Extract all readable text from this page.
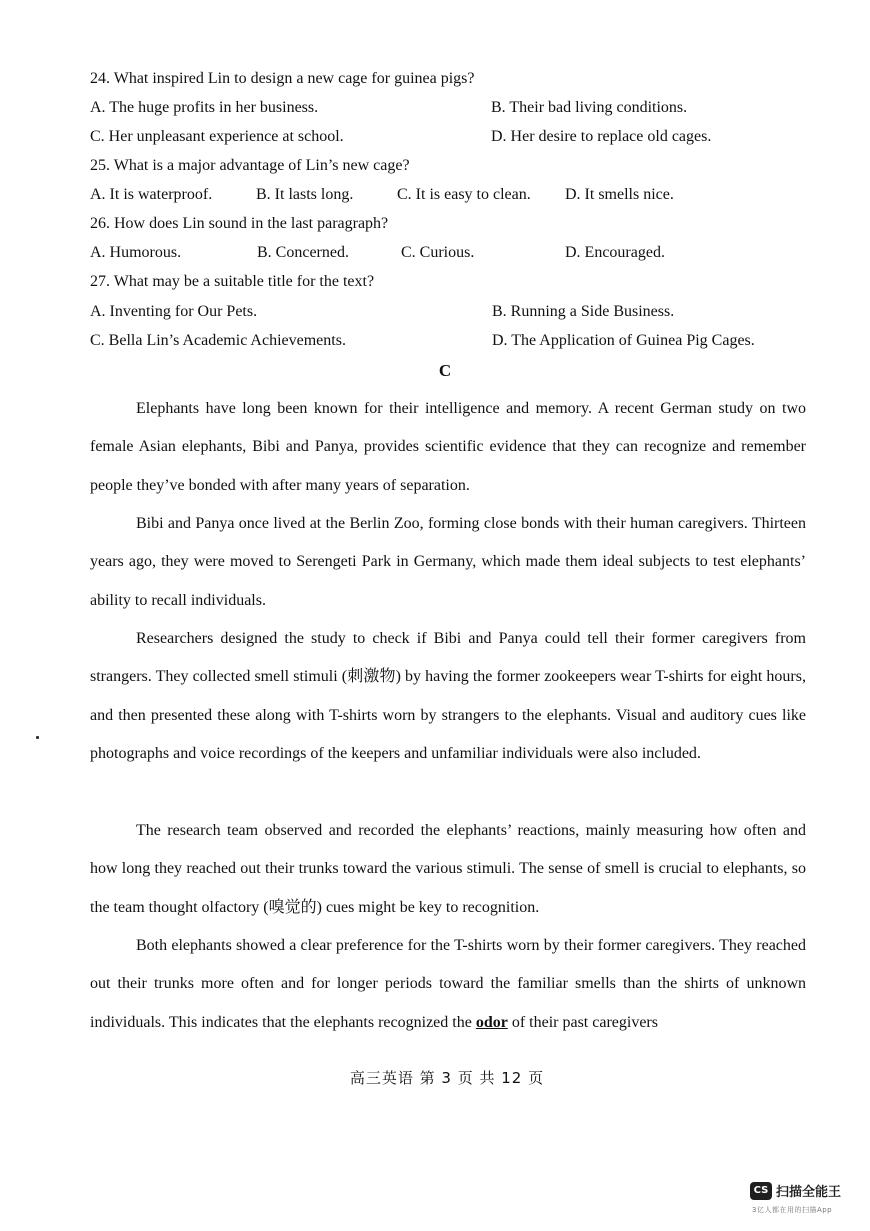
24. What inspired Lin to design a new cage for guinea pigs?
A. The huge profits in her business.	B. Their bad living conditions.
C. Her unpleasant experience at school.	D. Her desire to replace old cages.
25. What is a major advantage of Lin’s new cage?
A. It is waterproof.	B. It lasts long.	C. It is easy to clean. D. It smells nice.
26. How does Lin sound in the last paragraph?
A. Humorous.	B. Concerned.	C. Curious.	D. Encouraged.
27. What may be a suitable title for the text?
A. Inventing for Our Pets.	B. Running a Side Business.
C. Bella Lin’s Academic Achievements.	D. The Application of Guinea Pig Cages.
C

Elephants have long been known for their intelligence and memory. A recent German study on two female Asian elephants, Bibi and Panya, provides scientific evidence that they can recognize and remember people they’ve bonded with after many years of separation.

Bibi and Panya once lived at the Berlin Zoo, forming close bonds with their human caregivers. Thirteen years ago, they were moved to Serengeti Park in Germany, which made them ideal subjects to test elephants’ ability to recall individuals.

Researchers designed the study to check if Bibi and Panya could tell their former caregivers from strangers. They collected smell stimuli (刺激物) by having the former zookeepers wear T-shirts for eight hours, and then presented these along with T-shirts worn by strangers to the elephants. Visual and auditory cues like photographs and voice recordings of the keepers and unfamiliar individuals were also included.

The research team observed and recorded the elephants’ reactions, mainly measuring how often and how long they reached out their trunks toward the various stimuli. The sense of smell is crucial to elephants, so the team thought olfactory (嗅觉的) cues might be key to recognition.

Both elephants showed a clear preference for the T-shirts worn by their former caregivers. They reached out their trunks more often and for longer periods toward the familiar smells than the shirts of unknown individuals. This indicates that the elephants recognized the odor of their past caregivers

高三英语 第 3 页 共 12 页
CS 扫描全能王
3亿人都在用的扫描App
